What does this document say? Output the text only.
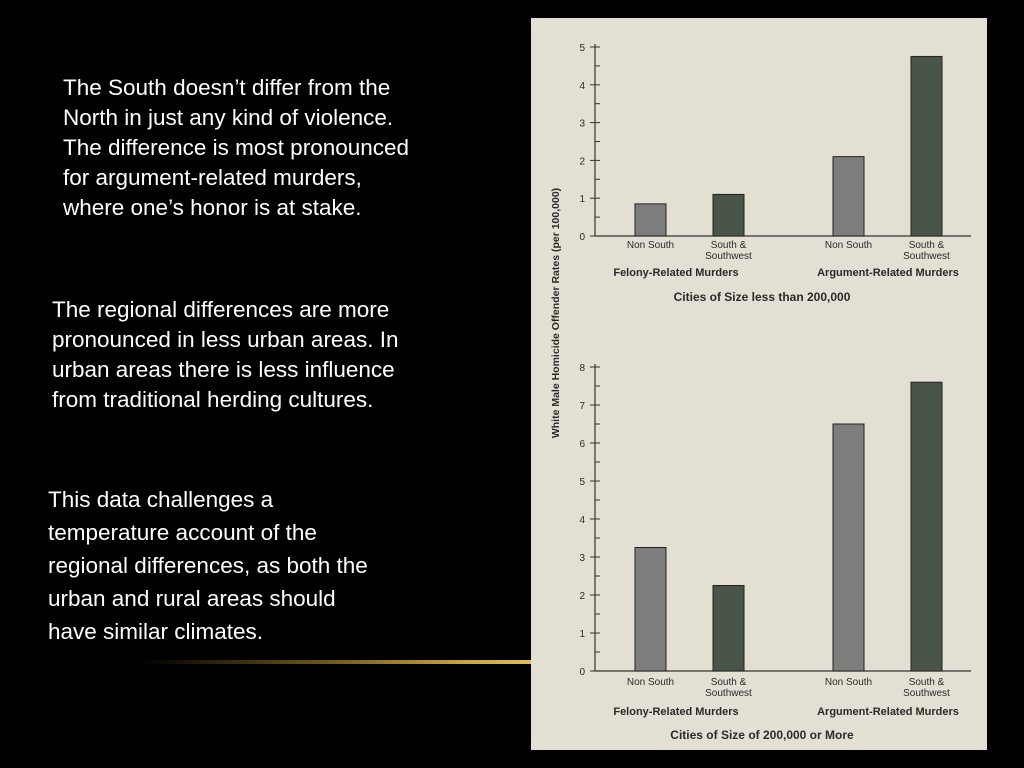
The South doesn’t differ from the
North in just any kind of violence.
The difference is most pronounced
for argument-related murders,
where one’s honor is at stake.

The regional differences are more
pronounced in less urban areas. In
urban areas there is less influence
from traditional herding cultures.

This data challenges a
temperature account of the
regional differences, as both the
urban and rural areas should
have similar climates.

0
1
2
3
4
5
Non South	South & Southwest
Non South	South & Southwest
Felony-Related Murders	Argument-Related Murders
Cities of Size less than 200,000
0
1
2
3
4
5
6
7
8
Non South	South & Southwest
Non South	South & Southwest
Felony-Related Murders	Argument-Related Murders
Cities of Size of 200,000 or More
White Male Homicide Offender Rates (per 100,000)
